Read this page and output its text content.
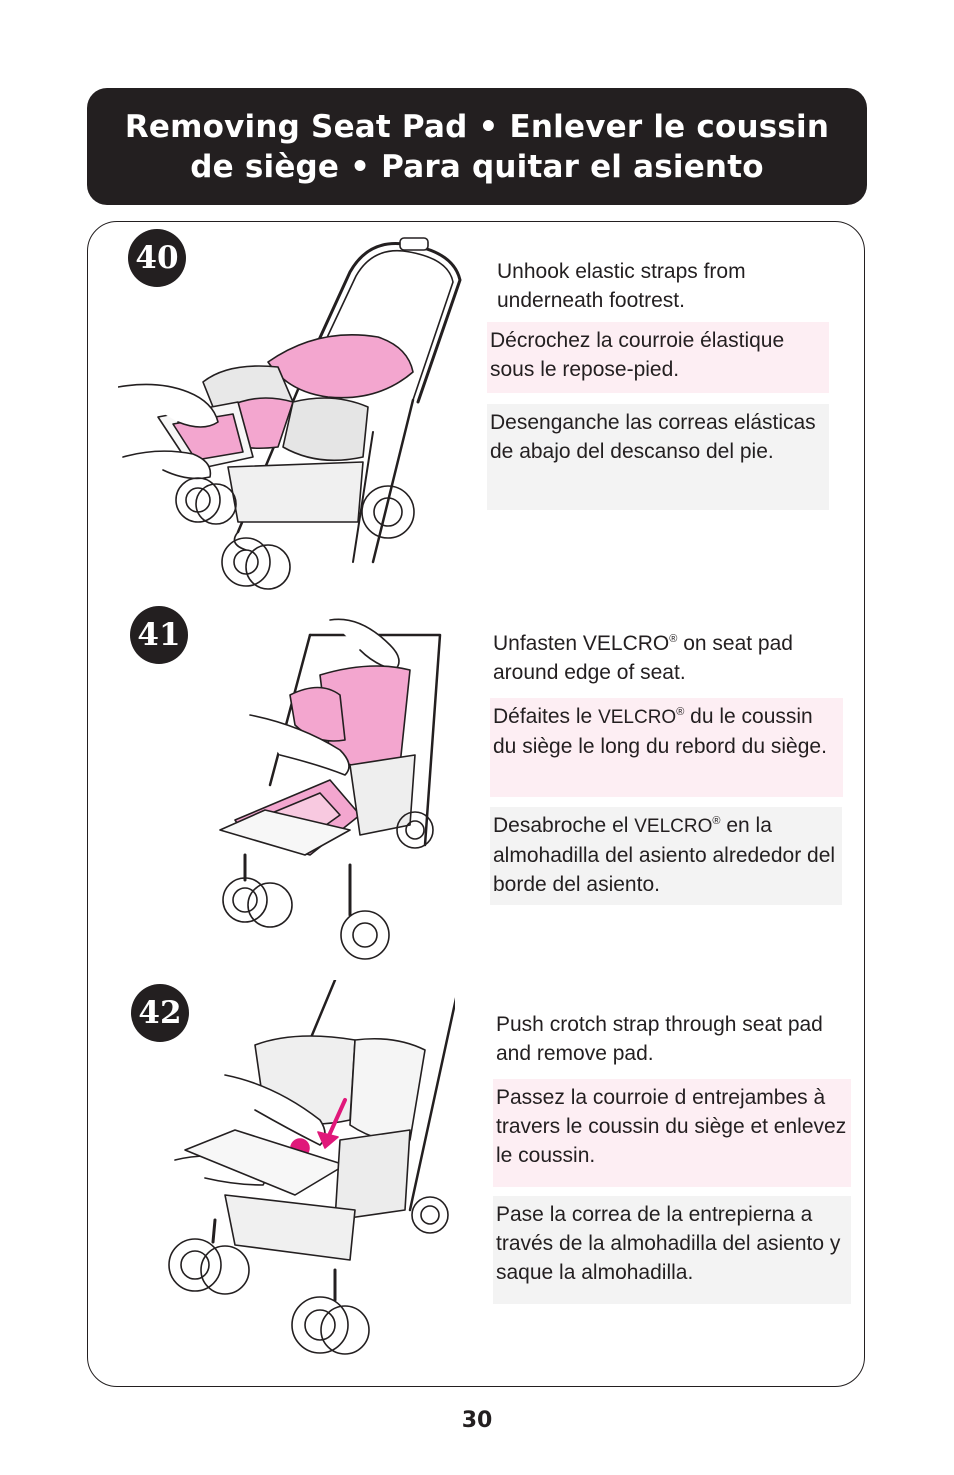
Removing Seat Pad • Enlever le coussin
de siège • Para quitar el asiento
40	Unhook elastic straps from underneath footrest.
Décrochez la courroie élastique sous le repose-pied.
Desenganche las correas elásticas de abajo del descanso del pie.
41	Unfasten VELCRO® on seat pad around edge of seat.
Défaites le VELCRO® du le coussin du siège le long du rebord du siège.
Desabroche el VELCRO® en la almohadilla del asiento alrededor del borde del asiento.
42	Push crotch strap through seat pad and remove pad.
Passez la courroie d entrejambes à travers le coussin du siège et enlevez le coussin.
Pase la correa de la entrepierna a través de la almohadilla del asiento y saque la almohadilla.
30
